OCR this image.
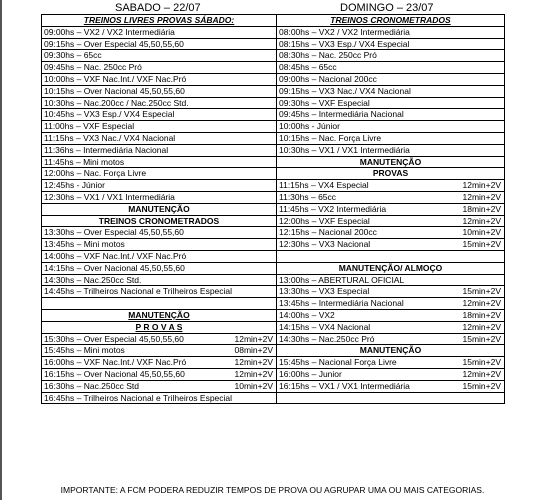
SABADO – 22/07	DOMINGO – 23/07
TREINOS LIVRES PROVAS SÁBADO:	TREINOS CRONOMETRADOS

09:00hs – VX2 / VX2 Intermediária	08:00hs – VX2 / VX2 Intermediária

09:15hs – Over Especial 45,50,55,60	08:15hs – VX3 Esp./ VX4 Especial

09:30hs – 65cc	08:30hs – Nac. 250cc Pró

09:45hs – Nac. 250cc Pró	08:45hs – 65cc

10:00hs – VXF Nac.Int./ VXF Nac.Pró	09:00hs – Nacional 200cc

10:15hs – Over Nacional 45,50,55,60	09:15hs – VX3 Nac./ VX4 Nacional

10:30hs – Nac.200cc / Nac.250cc Std.	09:30hs – VXF Especial

10:45hs – VX3 Esp./ VX4 Especial	09:45hs – Intermediária Nacional

11:00hs – VXF Especial	10:00hs - Júnior

11:15hs – VX3 Nac./ VX4 Nacional	10:15hs – Nac. Força Livre

11:36hs – Intermediária Nacional	10:30hs – VX1 / VX1 Intermediária

11:45hs – Mini motos	MANUTENÇÃO

12:00hs – Nac. Força Livre	PROVAS

12:45hs - Júnior	11:15hs – VX4 Especial 12min+2V

12:30hs – VX1 / VX1 Intermediária	11:30hs – 65cc 12min+2V

MANUTENÇÃO	11:45hs – VX2 Intermediária 18min+2V

TREINOS CRONOMETRADOS	12:00hs – VXF Especial 12min+2V

13:30hs – Over Especial 45,50,55,60	12:15hs – Nacional 200cc 10min+2V

13:45hs – Mini motos	12:30hs – VX3 Nacional 15min+2V

14:00hs – VXF Nac.Int./ VXF Nac.Pró	

14:15hs – Over Nacional 45,50,55,60	MANUTENÇÃO/ ALMOÇO

14:30hs – Nac.250cc Std.	13:00hs – ABERTURAL OFICIAL

14:45hs – Trilheiros Nacional e Trilheiros Especial	13:30hs – VX3 Especial 15min+2V

	13:45hs – Intermediária Nacional 12min+2V

MANUTENÇÃO	14:00hs – VX2 18min+2V

P R O V A S	14:15hs – VX4 Nacional 12min+2V

15:30hs – Over Especial 45,50,55,60 12min+2V	14:30hs – Nac.250cc Pró 15min+2V

15:45hs – Mini motos 08min+2V	MANUTENÇÃO

16:00hs – VXF Nac.Int./ VXF Nac.Pró 12min+2V	15:45hs – Nacional Força Livre 15min+2V

16:15hs – Over Nacional 45,50,55,60 12min+2V	16:00hs – Junior 12min+2V

16:30hs – Nac.250cc Std 10min+2V	16:15hs – VX1 / VX1 Intermediária 15min+2V

16:45hs – Trilheiros Nacional e Trilheiros Especial	

IMPORTANTE: A FCM PODERA REDUZIR TEMPOS DE PROVA OU AGRUPAR UMA OU MAIS CATEGORIAS.
